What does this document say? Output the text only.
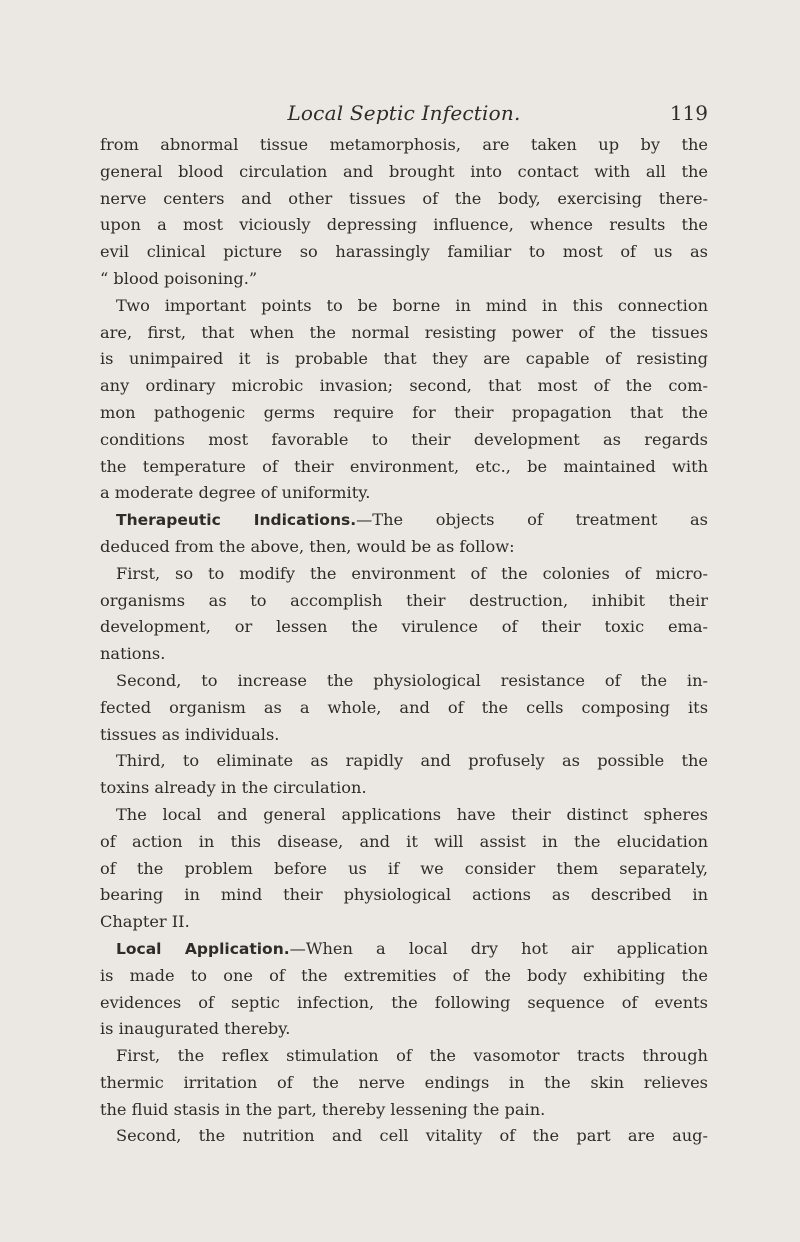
Local Septic Infection.	119
from abnormal tissue metamorphosis, are taken up by the
general blood circulation and brought into contact with all the
nerve centers and other tissues of the body, exercising there-
upon a most viciously depressing influence, whence results the
evil clinical picture so harassingly familiar to most of us as
“ blood poisoning.”
Two important points to be borne in mind in this connection
are, first, that when the normal resisting power of the tissues
is unimpaired it is probable that they are capable of resisting
any ordinary microbic invasion; second, that most of the com-
mon pathogenic germs require for their propagation that the
conditions most favorable to their development as regards
the temperature of their environment, etc., be maintained with
a moderate degree of uniformity.
Therapeutic Indications.—The objects of treatment as
deduced from the above, then, would be as follow:
First, so to modify the environment of the colonies of micro-
organisms as to accomplish their destruction, inhibit their
development, or lessen the virulence of their toxic ema-
nations.
Second, to increase the physiological resistance of the in-
fected organism as a whole, and of the cells composing its
tissues as individuals.
Third, to eliminate as rapidly and profusely as possible the
toxins already in the circulation.
The local and general applications have their distinct spheres
of action in this disease, and it will assist in the elucidation
of the problem before us if we consider them separately,
bearing in mind their physiological actions as described in
Chapter II.
Local Application.—When a local dry hot air application
is made to one of the extremities of the body exhibiting the
evidences of septic infection, the following sequence of events
is inaugurated thereby.
First, the reflex stimulation of the vasomotor tracts through
thermic irritation of the nerve endings in the skin relieves
the fluid stasis in the part, thereby lessening the pain.
Second, the nutrition and cell vitality of the part are aug-
